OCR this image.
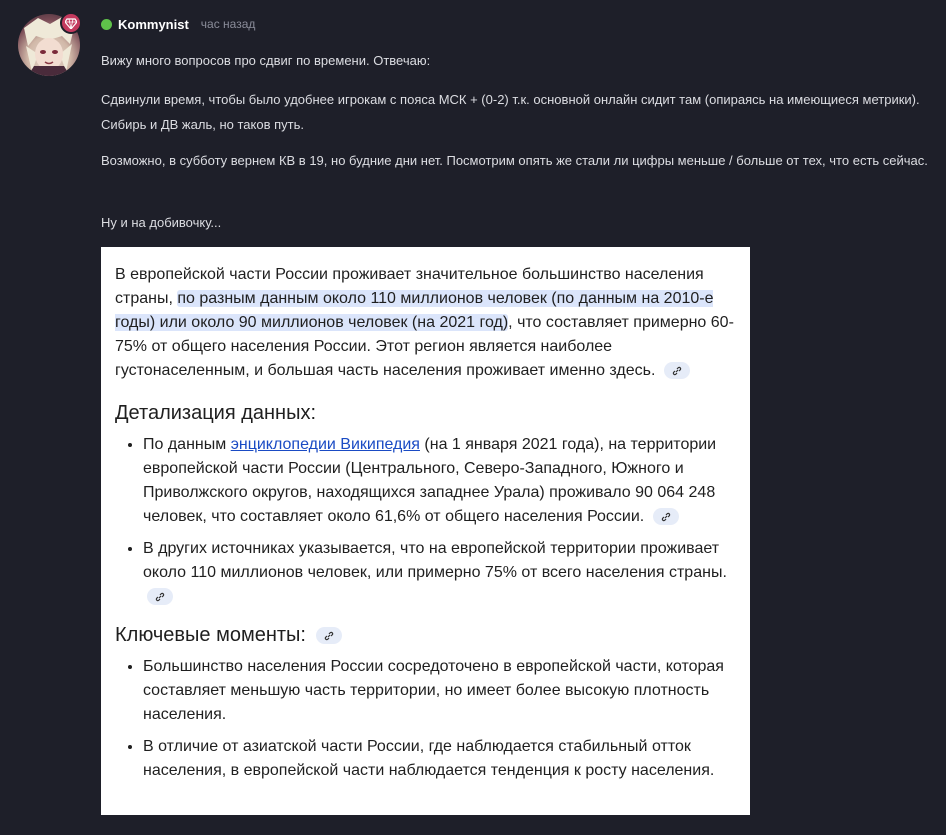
Kommynist час назад

Вижу много вопросов про сдвиг по времени. Отвечаю:

Сдвинули время, чтобы было удобнее игрокам с пояса МСК + (0-2) т.к. основной онлайн сидит там (опираясь на имеющиеся метрики). Сибирь и ДВ жаль, но таков путь.

Возможно, в субботу вернем КВ в 19, но будние дни нет. Посмотрим опять же стали ли цифры меньше / больше от тех, что есть сейчас.

Ну и на добивочку...

В европейской части России проживает значительное большинство населения страны, по разным данным около 110 миллионов человек (по данным на 2010-е годы) или около 90 миллионов человек (на 2021 год), что составляет примерно 60-75% от общего населения России. Этот регион является наиболее густонаселенным, и большая часть населения проживает именно здесь.

Детализация данных:
• По данным энциклопедии Википедия (на 1 января 2021 года), на территории европейской части России (Центрального, Северо-Западного, Южного и Приволжского округов, находящихся западнее Урала) проживало 90 064 248 человек, что составляет около 61,6% от общего населения России.
• В других источниках указывается, что на европейской территории проживает около 110 миллионов человек, или примерно 75% от всего населения страны.
Ключевые моменты:
• Большинство населения России сосредоточено в европейской части, которая составляет меньшую часть территории, но имеет более высокую плотность населения.
• В отличие от азиатской части России, где наблюдается стабильный отток населения, в европейской части наблюдается тенденция к росту населения.
